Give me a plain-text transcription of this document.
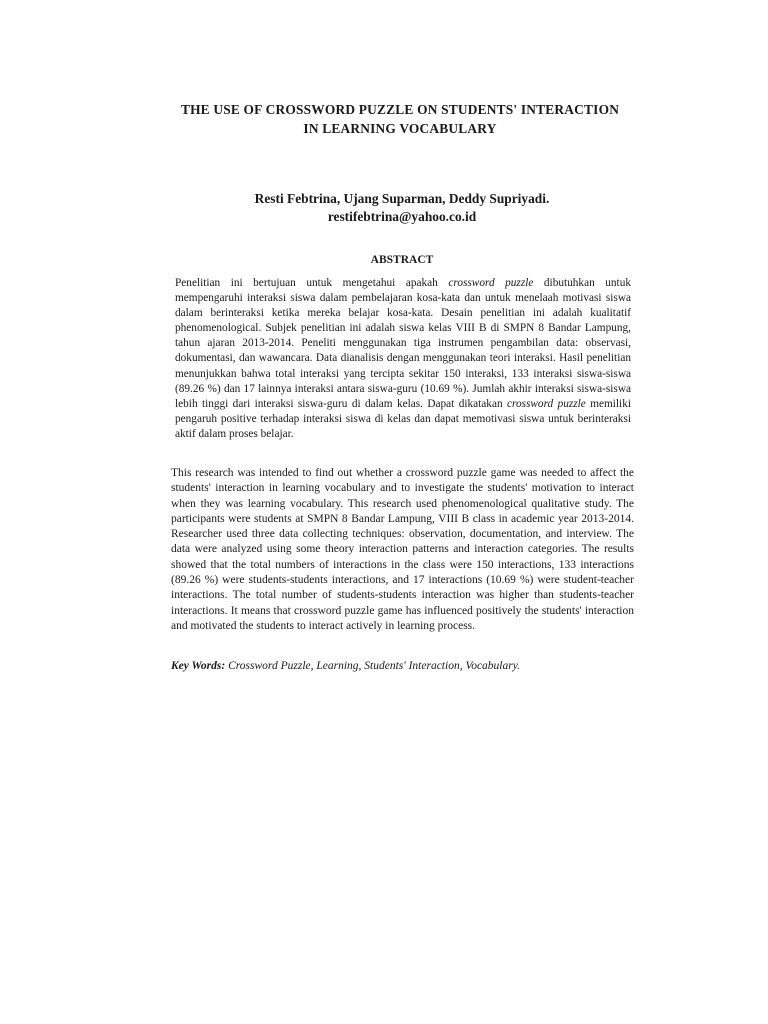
THE USE OF CROSSWORD PUZZLE ON STUDENTS' INTERACTION
IN LEARNING VOCABULARY
Resti Febtrina, Ujang Suparman, Deddy Supriyadi.
restifebtrina@yahoo.co.id
ABSTRACT

Penelitian ini bertujuan untuk mengetahui apakah crossword puzzle dibutuhkan untuk mempengaruhi interaksi siswa dalam pembelajaran kosa-kata dan untuk menelaah motivasi siswa dalam berinteraksi ketika mereka belajar kosa-kata. Desain penelitian ini adalah kualitatif phenomenological. Subjek penelitian ini adalah siswa kelas VIII B di SMPN 8 Bandar Lampung, tahun ajaran 2013-2014. Peneliti menggunakan tiga instrumen pengambilan data: observasi, dokumentasi, dan wawancara. Data dianalisis dengan menggunakan teori interaksi. Hasil penelitian menunjukkan bahwa total interaksi yang tercipta sekitar 150 interaksi, 133 interaksi siswa-siswa (89.26 %) dan 17 lainnya interaksi antara siswa-guru (10.69 %). Jumlah akhir interaksi siswa-siswa lebih tinggi dari interaksi siswa-guru di dalam kelas. Dapat dikatakan crossword puzzle memiliki pengaruh positive terhadap interaksi siswa di kelas dan dapat memotivasi siswa untuk berinteraksi aktif dalam proses belajar.

This research was intended to find out whether a crossword puzzle game was needed to affect the students' interaction in learning vocabulary and to investigate the students' motivation to interact when they was learning vocabulary. This research used phenomenological qualitative study. The participants were students at SMPN 8 Bandar Lampung, VIII B class in academic year 2013-2014. Researcher used three data collecting techniques: observation, documentation, and interview. The data were analyzed using some theory interaction patterns and interaction categories. The results showed that the total numbers of interactions in the class were 150 interactions, 133 interactions (89.26 %) were students-students interactions, and 17 interactions (10.69 %) were student-teacher interactions. The total number of students-students interaction was higher than students-teacher interactions. It means that crossword puzzle game has influenced positively the students' interaction and motivated the students to interact actively in learning process.

Key Words: Crossword Puzzle, Learning, Students' Interaction, Vocabulary.
